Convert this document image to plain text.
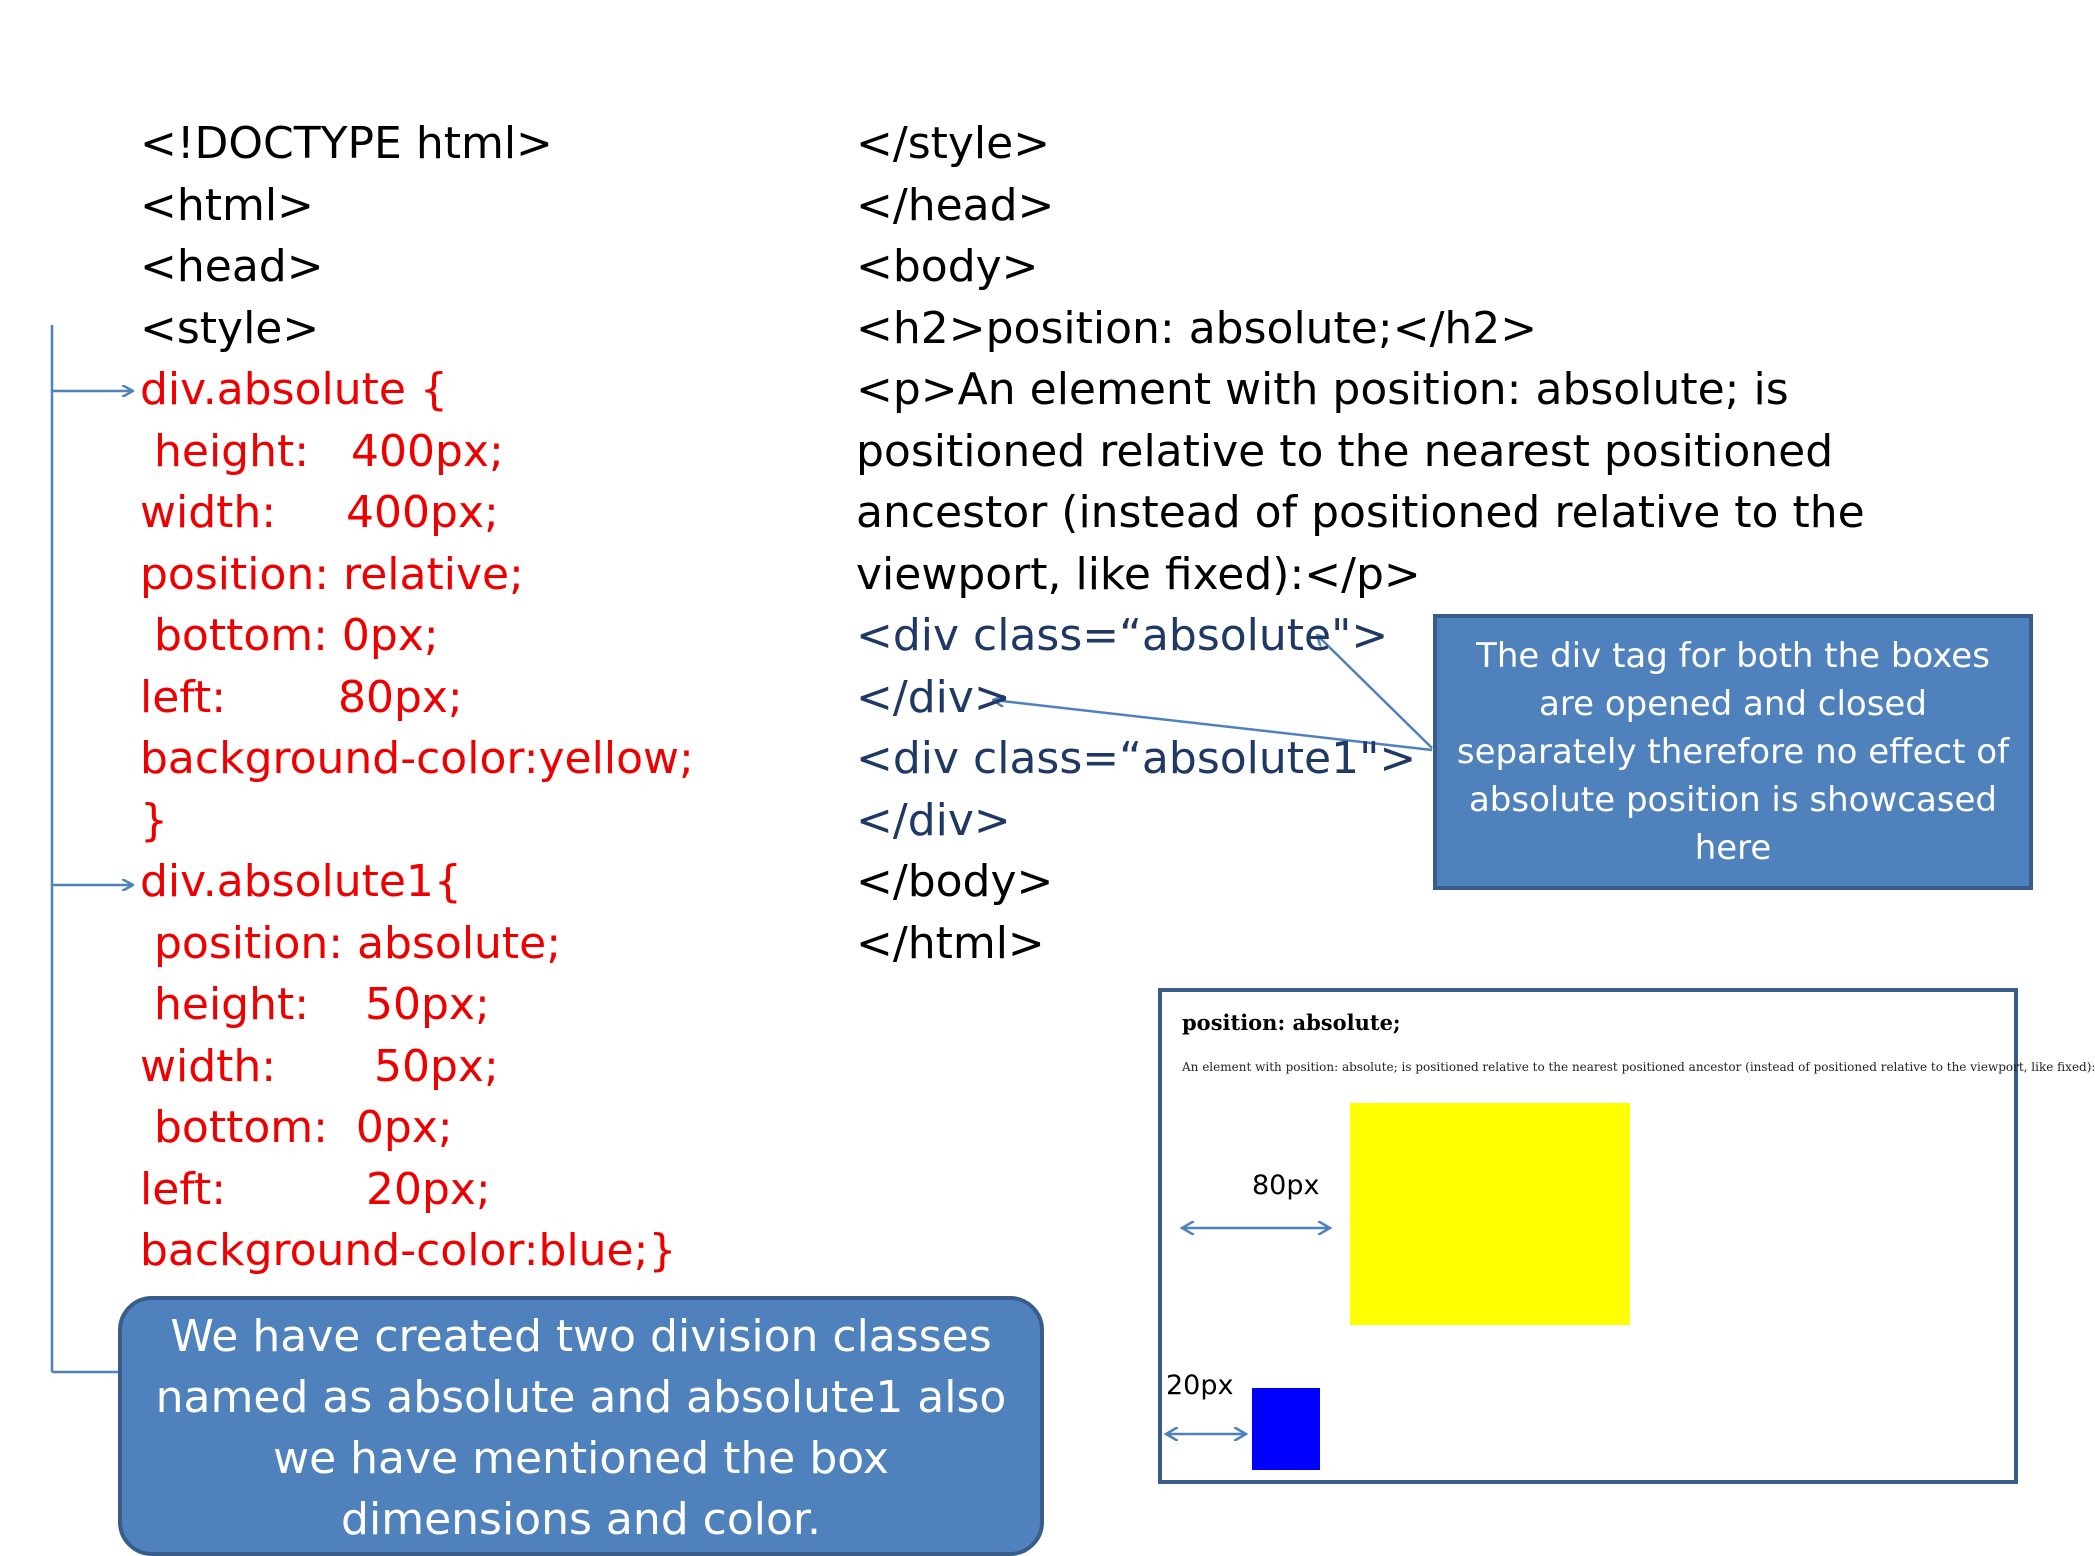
<!DOCTYPE html>
<html>
<head>
<style>
div.absolute {
height:   400px;
width:     400px;
position: relative;
bottom: 0px;
left:        80px;
background-color:yellow;
}
div.absolute1{
position: absolute;
height:    50px;
width:       50px;
bottom:  0px;
left:          20px;
background-color:blue;}
</style>
</head>
<body>
<h2>position: absolute;</h2>
<p>An element with position: absolute; is
positioned relative to the nearest positioned
ancestor (instead of positioned relative to the
viewport, like fixed):</p>
<div class=“absolute">
</div>
<div class=“absolute1">
</div>
</body>
</html>
The div tag for both the boxes are opened and closed separately therefore no effect of absolute position is showcased here
We have created two division classes named as absolute and absolute1 also we have mentioned the box dimensions and color.
position: absolute;
An element with position: absolute; is positioned relative to the nearest positioned ancestor (instead of positioned relative to the viewport, like fixed):
80px
20px
